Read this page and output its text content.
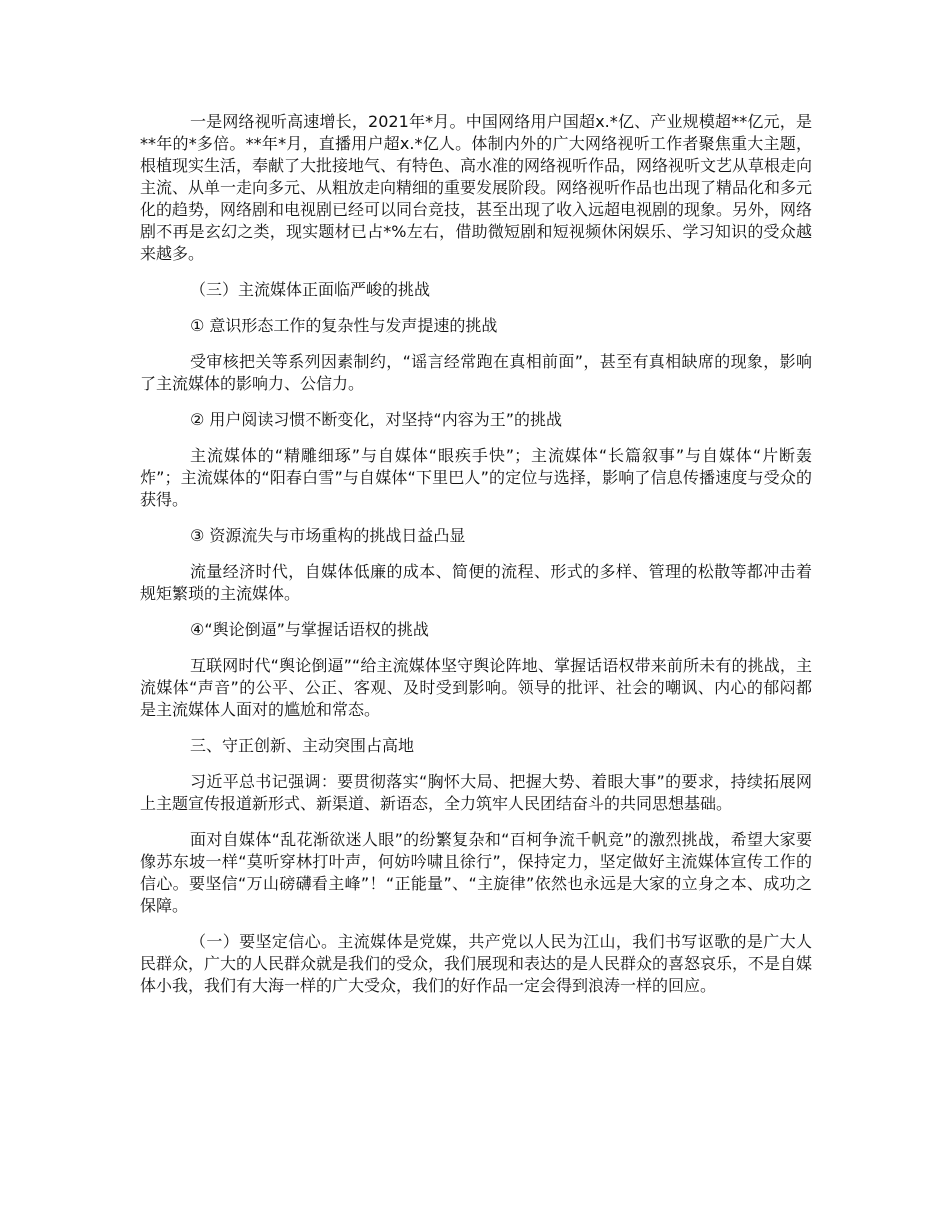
一是网络视听高速增长，2021年*月。中国网络用户国超x.*亿、产业规模超**亿元，是**年的*多倍。**年*月，直播用户超x.*亿人。体制内外的广大网络视听工作者聚焦重大主题，根植现实生活，奉献了大批接地气、有特色、高水准的网络视听作品，网络视听文艺从草根走向主流、从单一走向多元、从粗放走向精细的重要发展阶段。网络视听作品也出现了精品化和多元化的趋势，网络剧和电视剧已经可以同台竞技，甚至出现了收入远超电视剧的现象。另外，网络剧不再是玄幻之类，现实题材已占*%左右，借助微短剧和短视频休闲娱乐、学习知识的受众越来越多。

（三）主流媒体正面临严峻的挑战

① 意识形态工作的复杂性与发声提速的挑战

受审核把关等系列因素制约，“谣言经常跑在真相前面”，甚至有真相缺席的现象，影响了主流媒体的影响力、公信力。

② 用户阅读习惯不断变化，对坚持“内容为王”的挑战

主流媒体的“精雕细琢”与自媒体“眼疾手快”；主流媒体“长篇叙事”与自媒体“片断轰炸”；主流媒体的“阳春白雪”与自媒体“下里巴人”的定位与选择，影响了信息传播速度与受众的获得。

③ 资源流失与市场重构的挑战日益凸显

流量经济时代，自媒体低廉的成本、简便的流程、形式的多样、管理的松散等都冲击着规矩繁琐的主流媒体。

④“舆论倒逼”与掌握话语权的挑战

互联网时代“舆论倒逼”“给主流媒体坚守舆论阵地、掌握话语权带来前所未有的挑战，主流媒体“声音”的公平、公正、客观、及时受到影响。领导的批评、社会的嘲讽、内心的郁闷都是主流媒体人面对的尴尬和常态。

三、守正创新、主动突围占高地

习近平总书记强调：要贯彻落实“胸怀大局、把握大势、着眼大事”的要求，持续拓展网上主题宣传报道新形式、新渠道、新语态，全力筑牢人民团结奋斗的共同思想基础。

面对自媒体“乱花渐欲迷人眼”的纷繁复杂和“百柯争流千帆竞”的激烈挑战，希望大家要像苏东坡一样“莫听穿林打叶声，何妨吟啸且徐行”，保持定力，坚定做好主流媒体宣传工作的信心。要坚信“万山磅礴看主峰”！“正能量”、“主旋律”依然也永远是大家的立身之本、成功之保障。

（一）要坚定信心。主流媒体是党媒，共产党以人民为江山，我们书写讴歌的是广大人民群众，广大的人民群众就是我们的受众，我们展现和表达的是人民群众的喜怒哀乐，不是自媒体小我，我们有大海一样的广大受众，我们的好作品一定会得到浪涛一样的回应。
